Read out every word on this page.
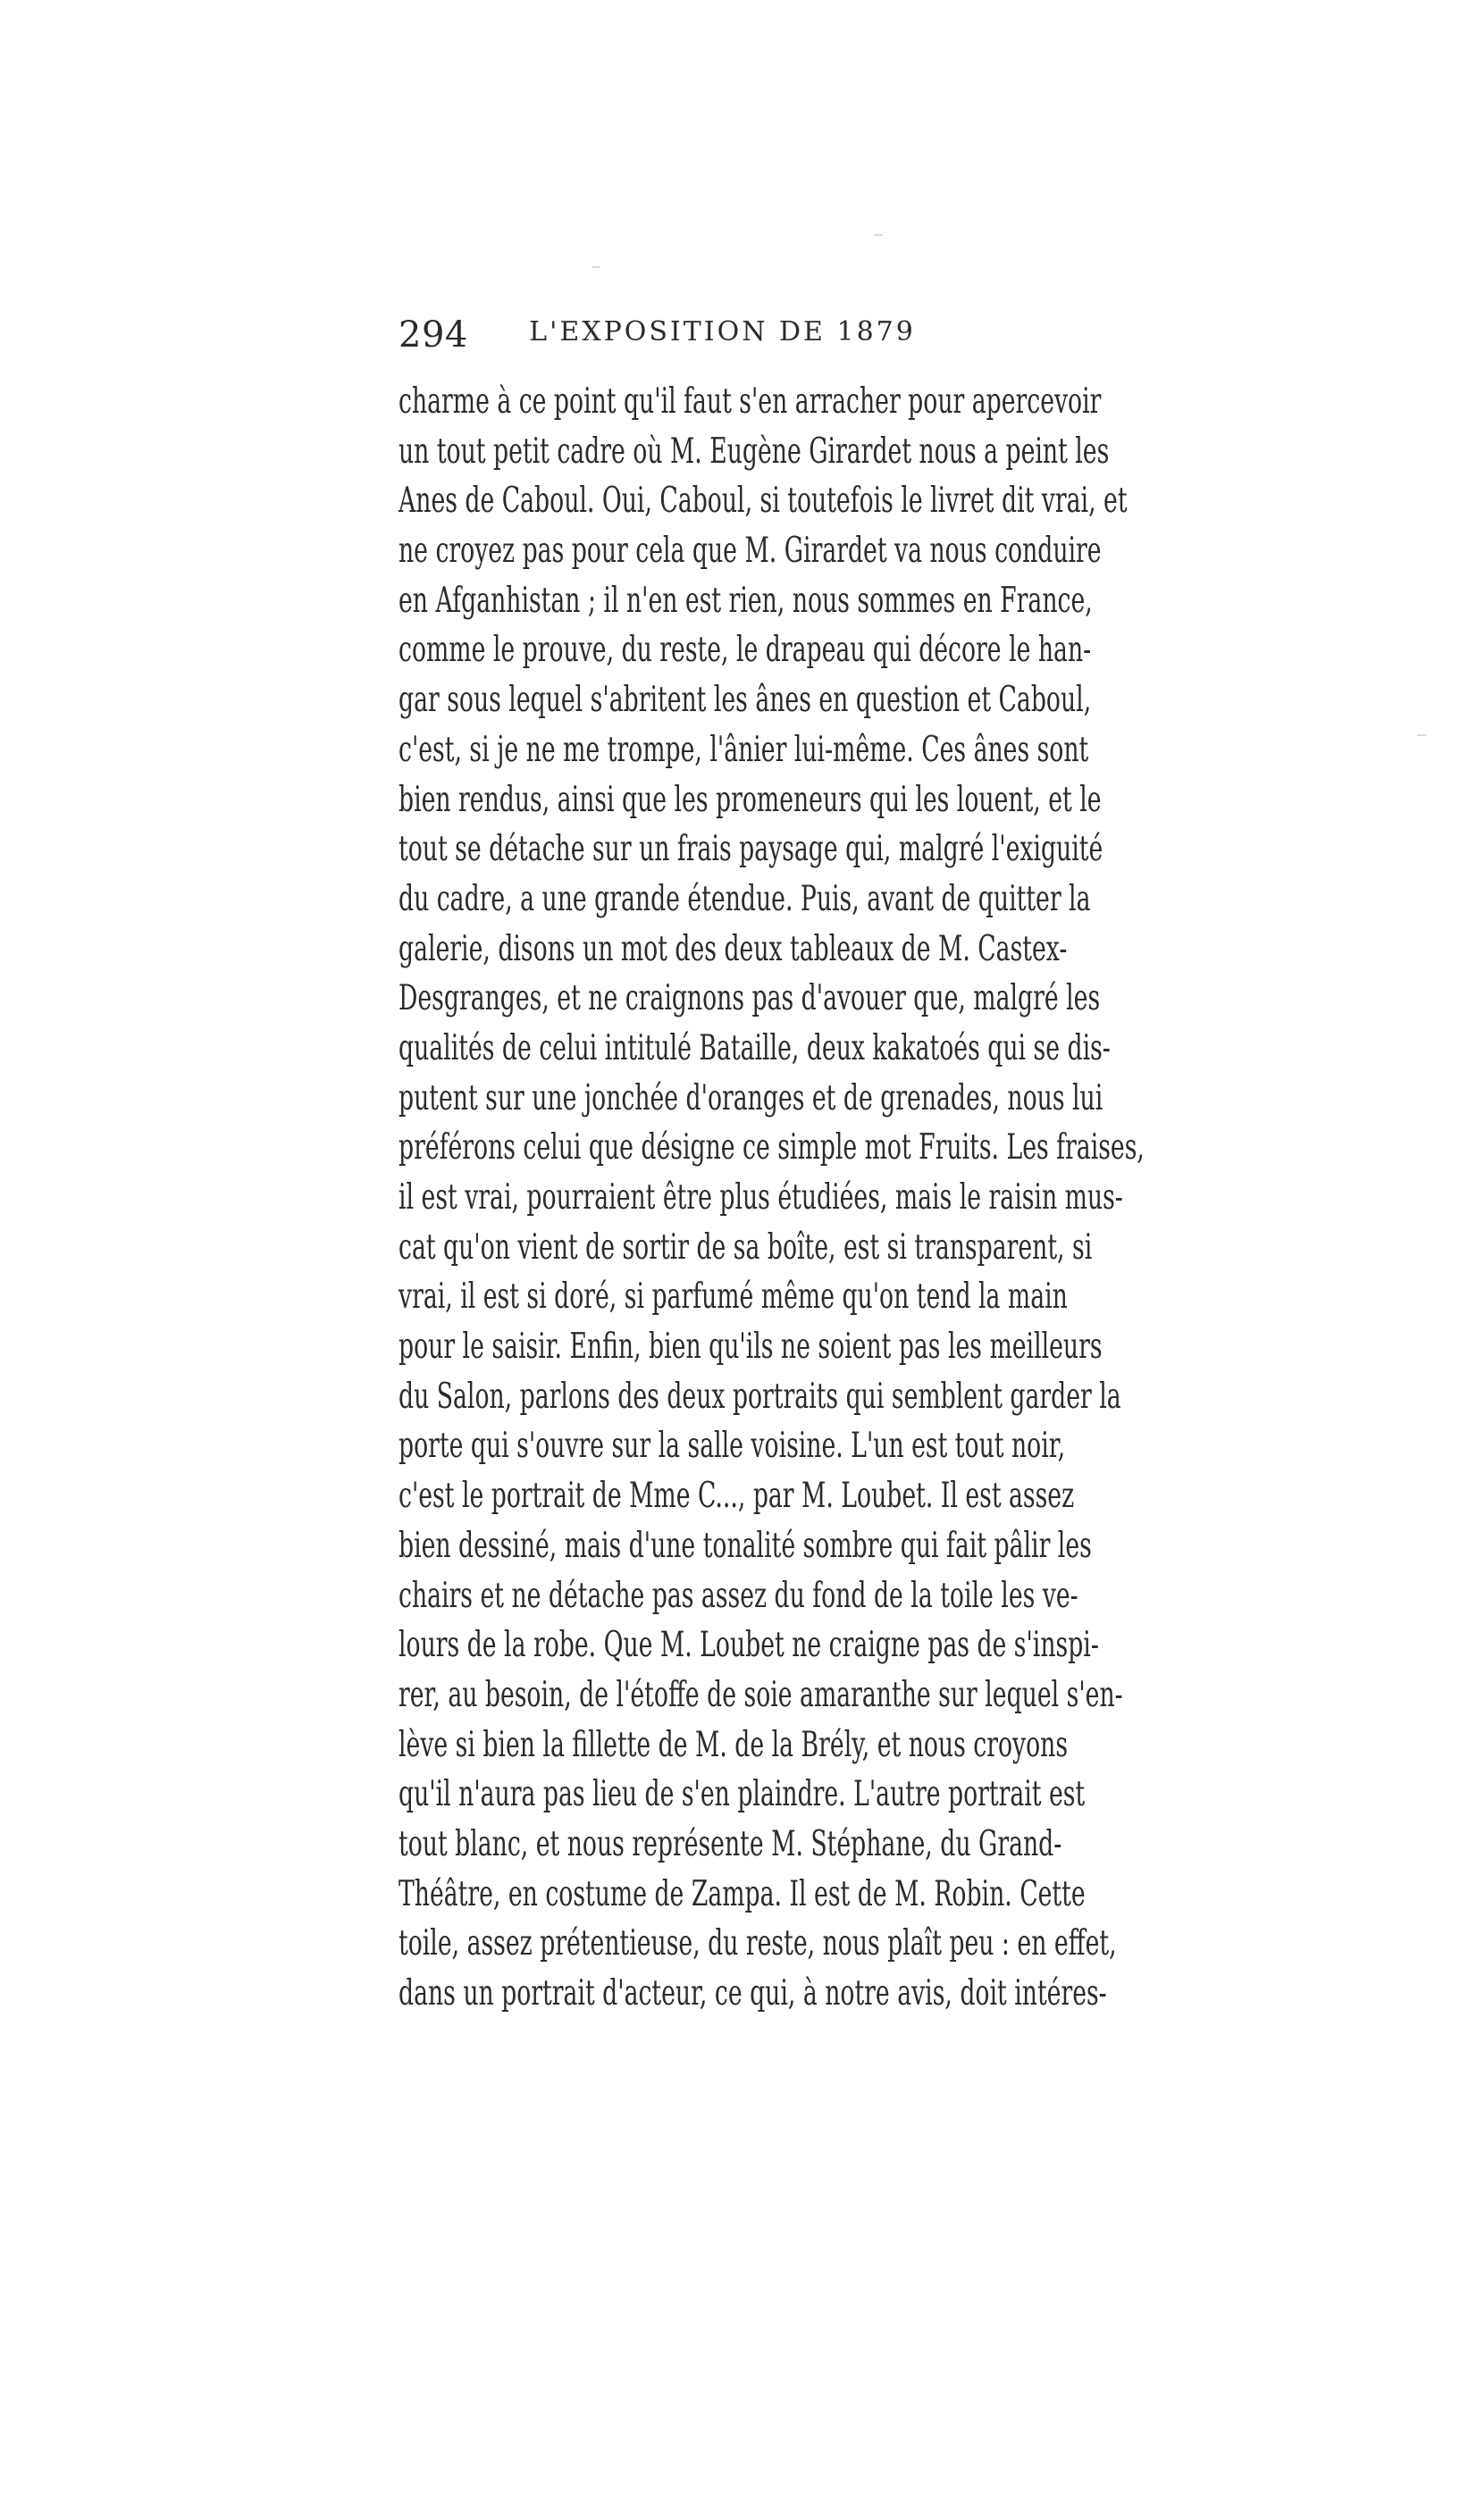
294	L'EXPOSITION DE 1879
charme à ce point qu'il faut s'en arracher pour apercevoir
un tout petit cadre où M. Eugène Girardet nous a peint les
Anes de Caboul. Oui, Caboul, si toutefois le livret dit vrai, et
ne croyez pas pour cela que M. Girardet va nous conduire
en Afganhistan ; il n'en est rien, nous sommes en France,
comme le prouve, du reste, le drapeau qui décore le han-
gar sous lequel s'abritent les ânes en question et Caboul,
c'est, si je ne me trompe, l'ânier lui-même. Ces ânes sont
bien rendus, ainsi que les promeneurs qui les louent, et le
tout se détache sur un frais paysage qui, malgré l'exiguité
du cadre, a une grande étendue. Puis, avant de quitter la
galerie, disons un mot des deux tableaux de M. Castex-
Desgranges, et ne craignons pas d'avouer que, malgré les
qualités de celui intitulé Bataille, deux kakatoés qui se dis-
putent sur une jonchée d'oranges et de grenades, nous lui
préférons celui que désigne ce simple mot Fruits. Les fraises,
il est vrai, pourraient être plus étudiées, mais le raisin mus-
cat qu'on vient de sortir de sa boîte, est si transparent, si
vrai, il est si doré, si parfumé même qu'on tend la main
pour le saisir. Enfin, bien qu'ils ne soient pas les meilleurs
du Salon, parlons des deux portraits qui semblent garder la
porte qui s'ouvre sur la salle voisine. L'un est tout noir,
c'est le portrait de Mme C..., par M. Loubet. Il est assez
bien dessiné, mais d'une tonalité sombre qui fait pâlir les
chairs et ne détache pas assez du fond de la toile les ve-
lours de la robe. Que M. Loubet ne craigne pas de s'inspi-
rer, au besoin, de l'étoffe de soie amaranthe sur lequel s'en-
lève si bien la fillette de M. de la Brély, et nous croyons
qu'il n'aura pas lieu de s'en plaindre. L'autre portrait est
tout blanc, et nous représente M. Stéphane, du Grand-
Théâtre, en costume de Zampa. Il est de M. Robin. Cette
toile, assez prétentieuse, du reste, nous plaît peu : en effet,
dans un portrait d'acteur, ce qui, à notre avis, doit intéres-
